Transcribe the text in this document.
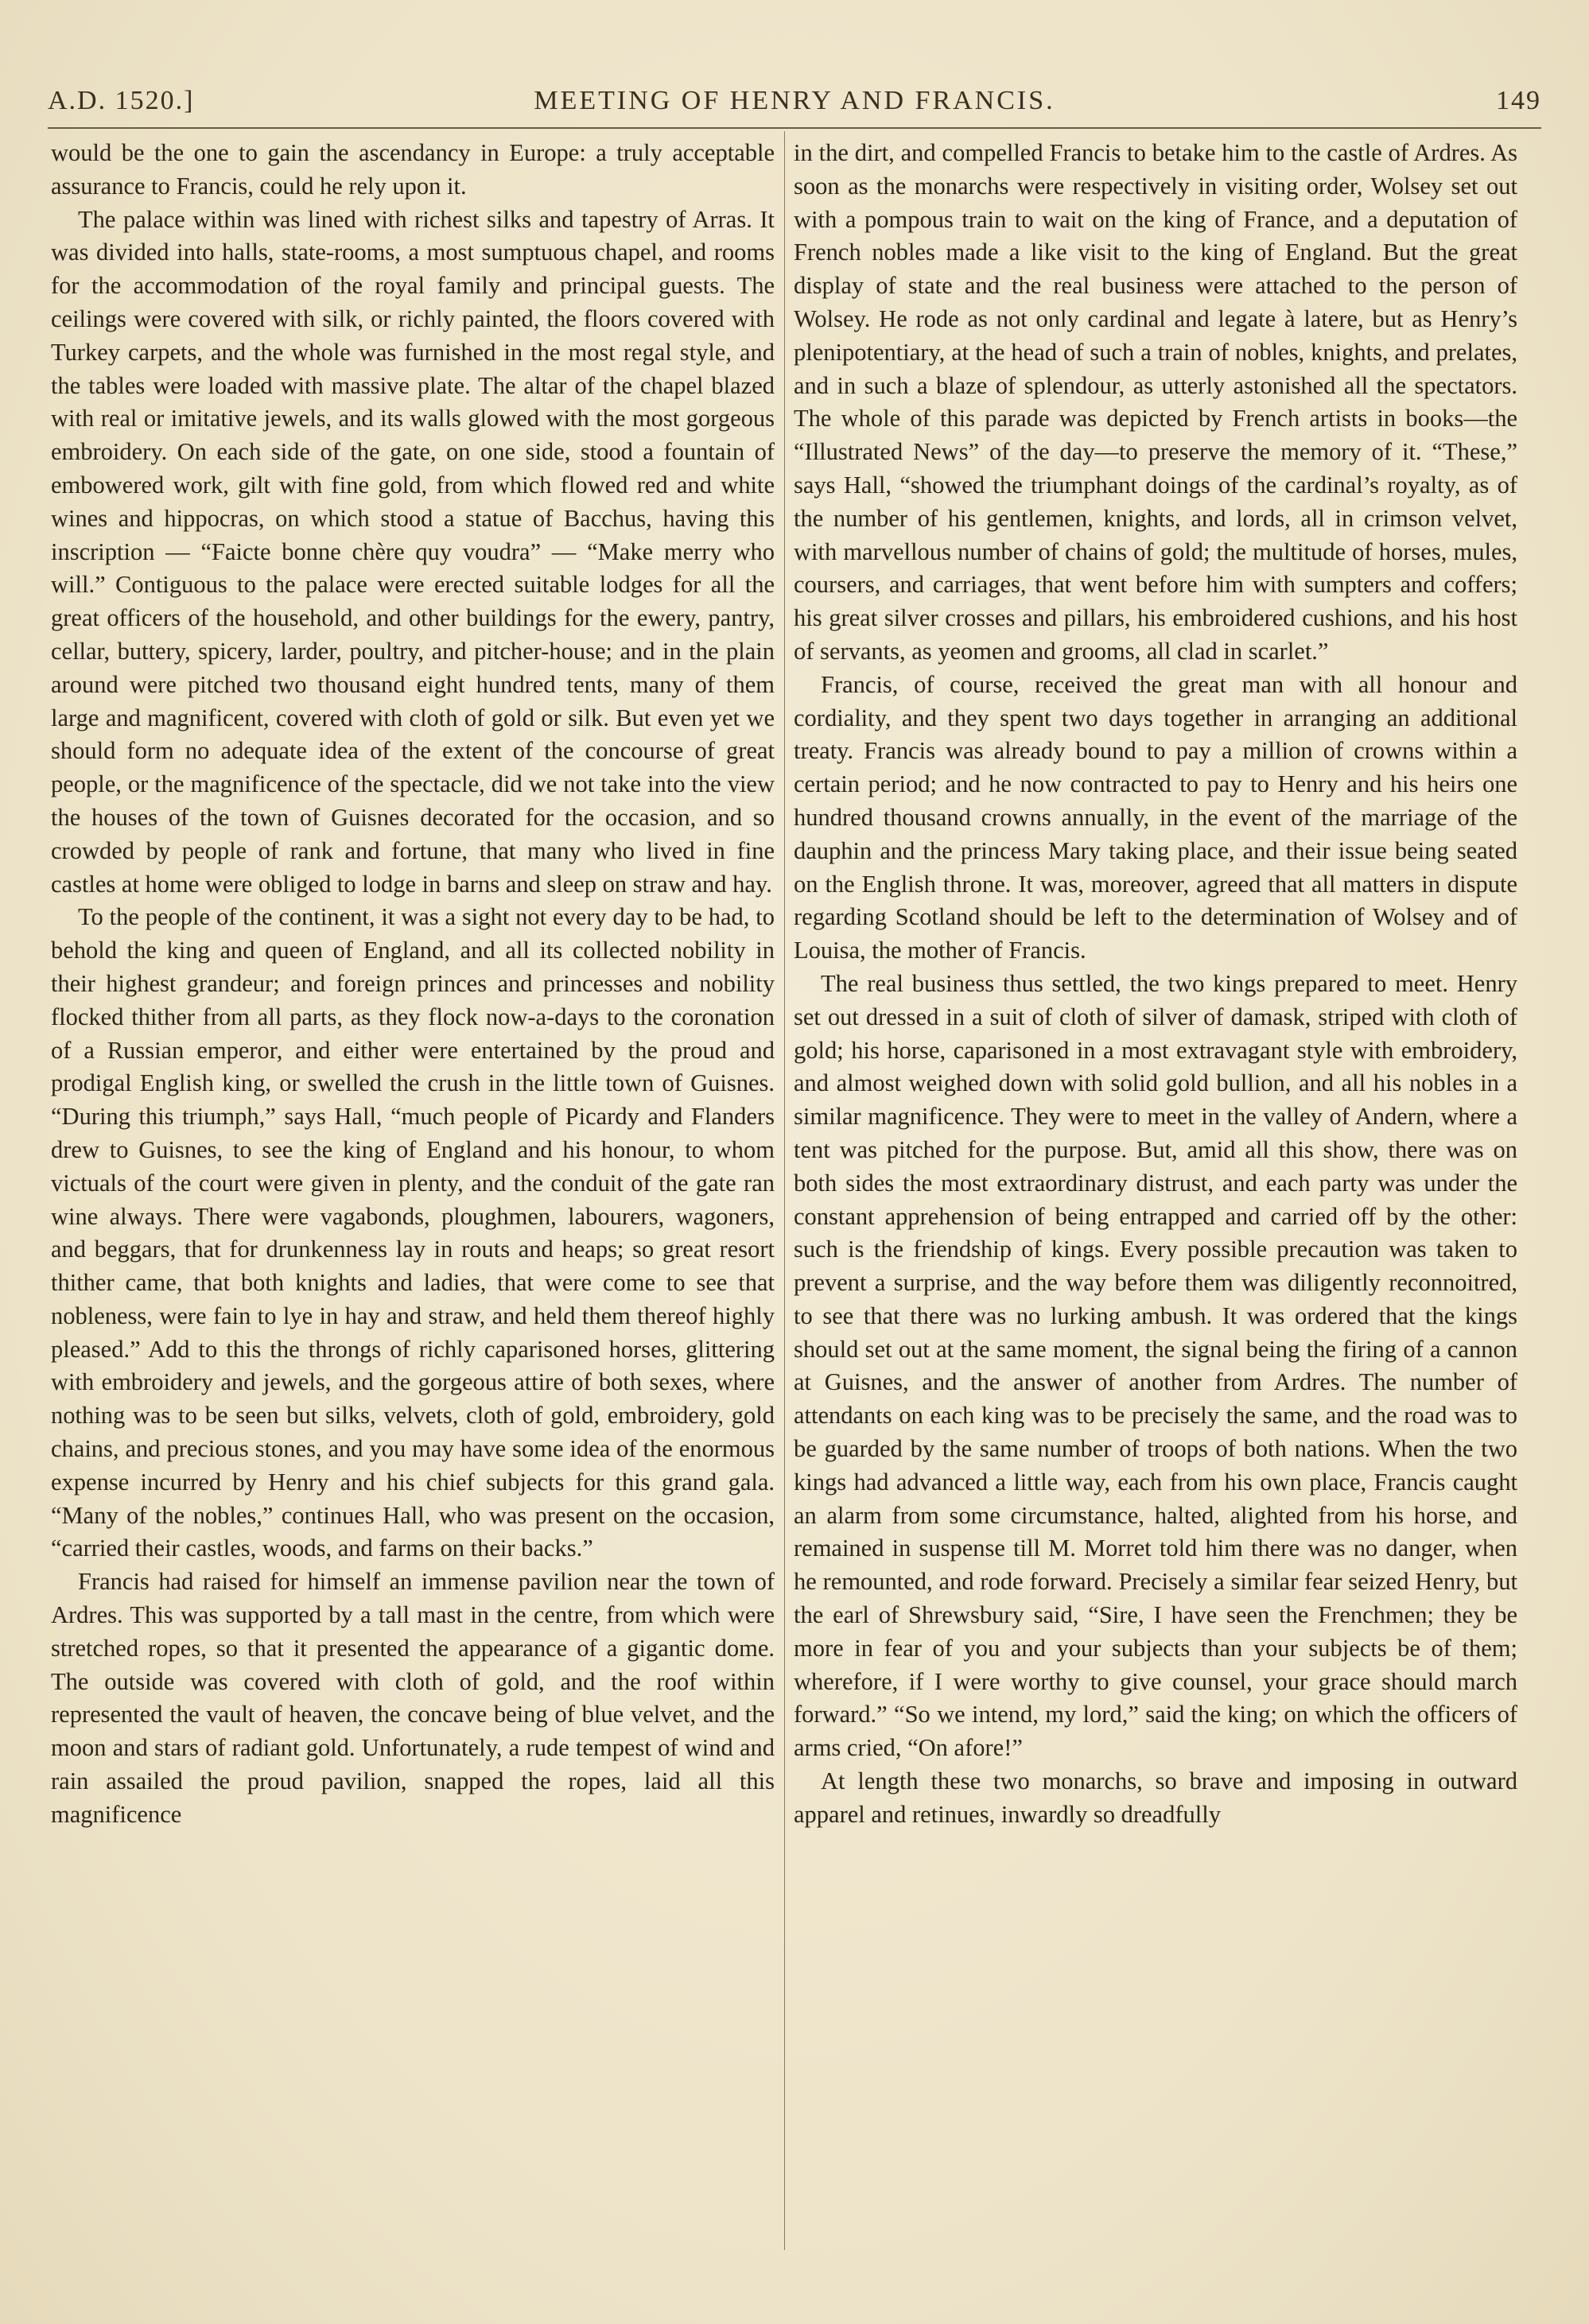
A.D. 1520.]	MEETING OF HENRY AND FRANCIS.	149

would be the one to gain the ascendancy in Europe: a truly acceptable assurance to Francis, could he rely upon it.

The palace within was lined with richest silks and tapestry of Arras. It was divided into halls, state-rooms, a most sumptuous chapel, and rooms for the accommodation of the royal family and principal guests. The ceilings were covered with silk, or richly painted, the floors covered with Turkey carpets, and the whole was furnished in the most regal style, and the tables were loaded with massive plate. The altar of the chapel blazed with real or imitative jewels, and its walls glowed with the most gorgeous embroidery. On each side of the gate, on one side, stood a fountain of embowered work, gilt with fine gold, from which flowed red and white wines and hippocras, on which stood a statue of Bacchus, having this inscription — “Faicte bonne chère quy voudra” — “Make merry who will.” Contiguous to the palace were erected suitable lodges for all the great officers of the household, and other buildings for the ewery, pantry, cellar, buttery, spicery, larder, poultry, and pitcher-house; and in the plain around were pitched two thousand eight hundred tents, many of them large and magnificent, covered with cloth of gold or silk. But even yet we should form no adequate idea of the extent of the concourse of great people, or the magnificence of the spectacle, did we not take into the view the houses of the town of Guisnes decorated for the occasion, and so crowded by people of rank and fortune, that many who lived in fine castles at home were obliged to lodge in barns and sleep on straw and hay.

To the people of the continent, it was a sight not every day to be had, to behold the king and queen of England, and all its collected nobility in their highest grandeur; and foreign princes and princesses and nobility flocked thither from all parts, as they flock now-a-days to the coronation of a Russian emperor, and either were entertained by the proud and prodigal English king, or swelled the crush in the little town of Guisnes. “During this triumph,” says Hall, “much people of Picardy and Flanders drew to Guisnes, to see the king of England and his honour, to whom victuals of the court were given in plenty, and the conduit of the gate ran wine always. There were vagabonds, ploughmen, labourers, wagoners, and beggars, that for drunkenness lay in routs and heaps; so great resort thither came, that both knights and ladies, that were come to see that nobleness, were fain to lye in hay and straw, and held them thereof highly pleased.” Add to this the throngs of richly caparisoned horses, glittering with embroidery and jewels, and the gorgeous attire of both sexes, where nothing was to be seen but silks, velvets, cloth of gold, embroidery, gold chains, and precious stones, and you may have some idea of the enormous expense incurred by Henry and his chief subjects for this grand gala. “Many of the nobles,” continues Hall, who was present on the occasion, “carried their castles, woods, and farms on their backs.”

Francis had raised for himself an immense pavilion near the town of Ardres. This was supported by a tall mast in the centre, from which were stretched ropes, so that it presented the appearance of a gigantic dome. The outside was covered with cloth of gold, and the roof within represented the vault of heaven, the concave being of blue velvet, and the moon and stars of radiant gold. Unfortunately, a rude tempest of wind and rain assailed the proud pavilion, snapped the ropes, laid all this magnificence

in the dirt, and compelled Francis to betake him to the castle of Ardres. As soon as the monarchs were respectively in visiting order, Wolsey set out with a pompous train to wait on the king of France, and a deputation of French nobles made a like visit to the king of England. But the great display of state and the real business were attached to the person of Wolsey. He rode as not only cardinal and legate à latere, but as Henry’s plenipotentiary, at the head of such a train of nobles, knights, and prelates, and in such a blaze of splendour, as utterly astonished all the spectators. The whole of this parade was depicted by French artists in books—the “Illustrated News” of the day—to preserve the memory of it. “These,” says Hall, “showed the triumphant doings of the cardinal’s royalty, as of the number of his gentlemen, knights, and lords, all in crimson velvet, with marvellous number of chains of gold; the multitude of horses, mules, coursers, and carriages, that went before him with sumpters and coffers; his great silver crosses and pillars, his embroidered cushions, and his host of servants, as yeomen and grooms, all clad in scarlet.”

Francis, of course, received the great man with all honour and cordiality, and they spent two days together in arranging an additional treaty. Francis was already bound to pay a million of crowns within a certain period; and he now contracted to pay to Henry and his heirs one hundred thousand crowns annually, in the event of the marriage of the dauphin and the princess Mary taking place, and their issue being seated on the English throne. It was, moreover, agreed that all matters in dispute regarding Scotland should be left to the determination of Wolsey and of Louisa, the mother of Francis.

The real business thus settled, the two kings prepared to meet. Henry set out dressed in a suit of cloth of silver of damask, striped with cloth of gold; his horse, caparisoned in a most extravagant style with embroidery, and almost weighed down with solid gold bullion, and all his nobles in a similar magnificence. They were to meet in the valley of Andern, where a tent was pitched for the purpose. But, amid all this show, there was on both sides the most extraordinary distrust, and each party was under the constant apprehension of being entrapped and carried off by the other: such is the friendship of kings. Every possible precaution was taken to prevent a surprise, and the way before them was diligently reconnoitred, to see that there was no lurking ambush. It was ordered that the kings should set out at the same moment, the signal being the firing of a cannon at Guisnes, and the answer of another from Ardres. The number of attendants on each king was to be precisely the same, and the road was to be guarded by the same number of troops of both nations. When the two kings had advanced a little way, each from his own place, Francis caught an alarm from some circumstance, halted, alighted from his horse, and remained in suspense till M. Morret told him there was no danger, when he remounted, and rode forward. Precisely a similar fear seized Henry, but the earl of Shrewsbury said, “Sire, I have seen the Frenchmen; they be more in fear of you and your subjects than your subjects be of them; wherefore, if I were worthy to give counsel, your grace should march forward.” “So we intend, my lord,” said the king; on which the officers of arms cried, “On afore!”

At length these two monarchs, so brave and imposing in outward apparel and retinues, inwardly so dreadfully
